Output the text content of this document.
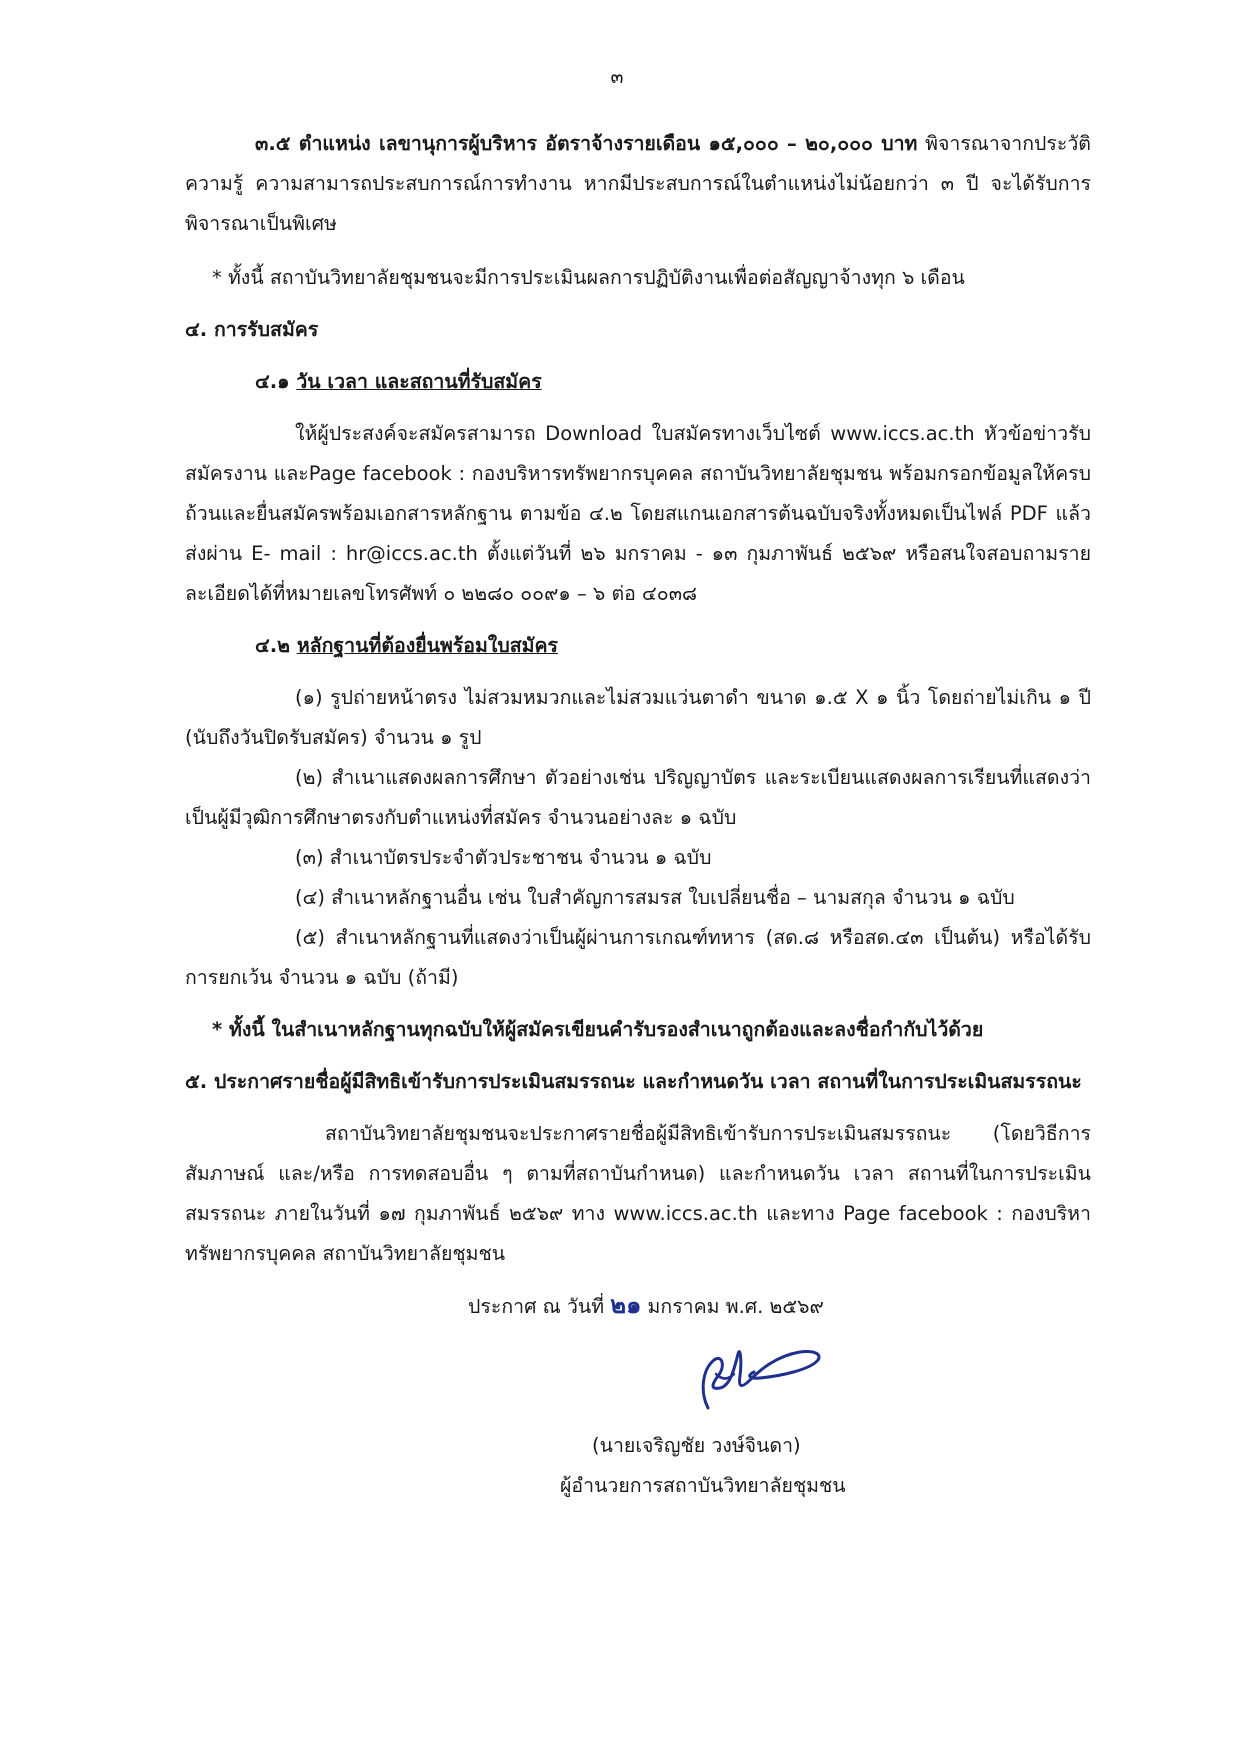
๓

๓.๕ ตำแหน่ง เลขานุการผู้บริหาร อัตราจ้างรายเดือน ๑๕,๐๐๐ – ๒๐,๐๐๐ บาท พิจารณาจากประวัติ ความรู้ ความสามารถประสบการณ์การทำงาน หากมีประสบการณ์ในตำแหน่งไม่น้อยกว่า ๓ ปี จะได้รับการพิจารณาเป็นพิเศษ

* ทั้งนี้ สถาบันวิทยาลัยชุมชนจะมีการประเมินผลการปฏิบัติงานเพื่อต่อสัญญาจ้างทุก ๖ เดือน

๔. การรับสมัคร

๔.๑ วัน เวลา และสถานที่รับสมัคร

ให้ผู้ประสงค์จะสมัครสามารถ Download ใบสมัครทางเว็บไซต์ www.iccs.ac.th หัวข้อข่าวรับสมัครงาน และPage facebook : กองบริหารทรัพยากรบุคคล สถาบันวิทยาลัยชุมชน พร้อมกรอกข้อมูลให้ครบถ้วนและยื่นสมัครพร้อมเอกสารหลักฐาน ตามข้อ ๔.๒ โดยสแกนเอกสารต้นฉบับจริงทั้งหมดเป็นไฟล์ PDF แล้วส่งผ่าน E- mail : hr@iccs.ac.th ตั้งแต่วันที่ ๒๖ มกราคม - ๑๓ กุมภาพันธ์ ๒๕๖๙ หรือสนใจสอบถามรายละเอียดได้ที่หมายเลขโทรศัพท์ ๐ ๒๒๘๐ ๐๐๙๑ – ๖ ต่อ ๔๐๓๘

๔.๒ หลักฐานที่ต้องยื่นพร้อมใบสมัคร

(๑) รูปถ่ายหน้าตรง ไม่สวมหมวกและไม่สวมแว่นตาดำ ขนาด ๑.๕ X ๑ นิ้ว โดยถ่ายไม่เกิน ๑ ปี (นับถึงวันปิดรับสมัคร) จำนวน ๑ รูป

(๒) สำเนาแสดงผลการศึกษา ตัวอย่างเช่น ปริญญาบัตร และระเบียนแสดงผลการเรียนที่แสดงว่าเป็นผู้มีวุฒิการศึกษาตรงกับตำแหน่งที่สมัคร จำนวนอย่างละ ๑ ฉบับ

(๓) สำเนาบัตรประจำตัวประชาชน จำนวน ๑ ฉบับ

(๔) สำเนาหลักฐานอื่น เช่น ใบสำคัญการสมรส ใบเปลี่ยนชื่อ – นามสกุล จำนวน ๑ ฉบับ

(๕) สำเนาหลักฐานที่แสดงว่าเป็นผู้ผ่านการเกณฑ์ทหาร (สด.๘ หรือสด.๔๓ เป็นต้น) หรือได้รับการยกเว้น จำนวน ๑ ฉบับ (ถ้ามี)

* ทั้งนี้ ในสำเนาหลักฐานทุกฉบับให้ผู้สมัครเขียนคำรับรองสำเนาถูกต้องและลงชื่อกำกับไว้ด้วย

๕. ประกาศรายชื่อผู้มีสิทธิเข้ารับการประเมินสมรรถนะ และกำหนดวัน เวลา สถานที่ในการประเมินสมรรถนะ

สถาบันวิทยาลัยชุมชนจะประกาศรายชื่อผู้มีสิทธิเข้ารับการประเมินสมรรถนะ (โดยวิธีการสัมภาษณ์ และ/หรือ การทดสอบอื่น ๆ ตามที่สถาบันกำหนด) และกำหนดวัน เวลา สถานที่ในการประเมินสมรรถนะ ภายในวันที่ ๑๗ กุมภาพันธ์ ๒๕๖๙ ทาง www.iccs.ac.th และทาง Page facebook : กองบริหาทรัพยากรบุคคล สถาบันวิทยาลัยชุมชน

ประกาศ ณ วันที่ ๒๑ มกราคม พ.ศ. ๒๕๖๙
(นายเจริญชัย วงษ์จินดา)
ผู้อำนวยการสถาบันวิทยาลัยชุมชน
